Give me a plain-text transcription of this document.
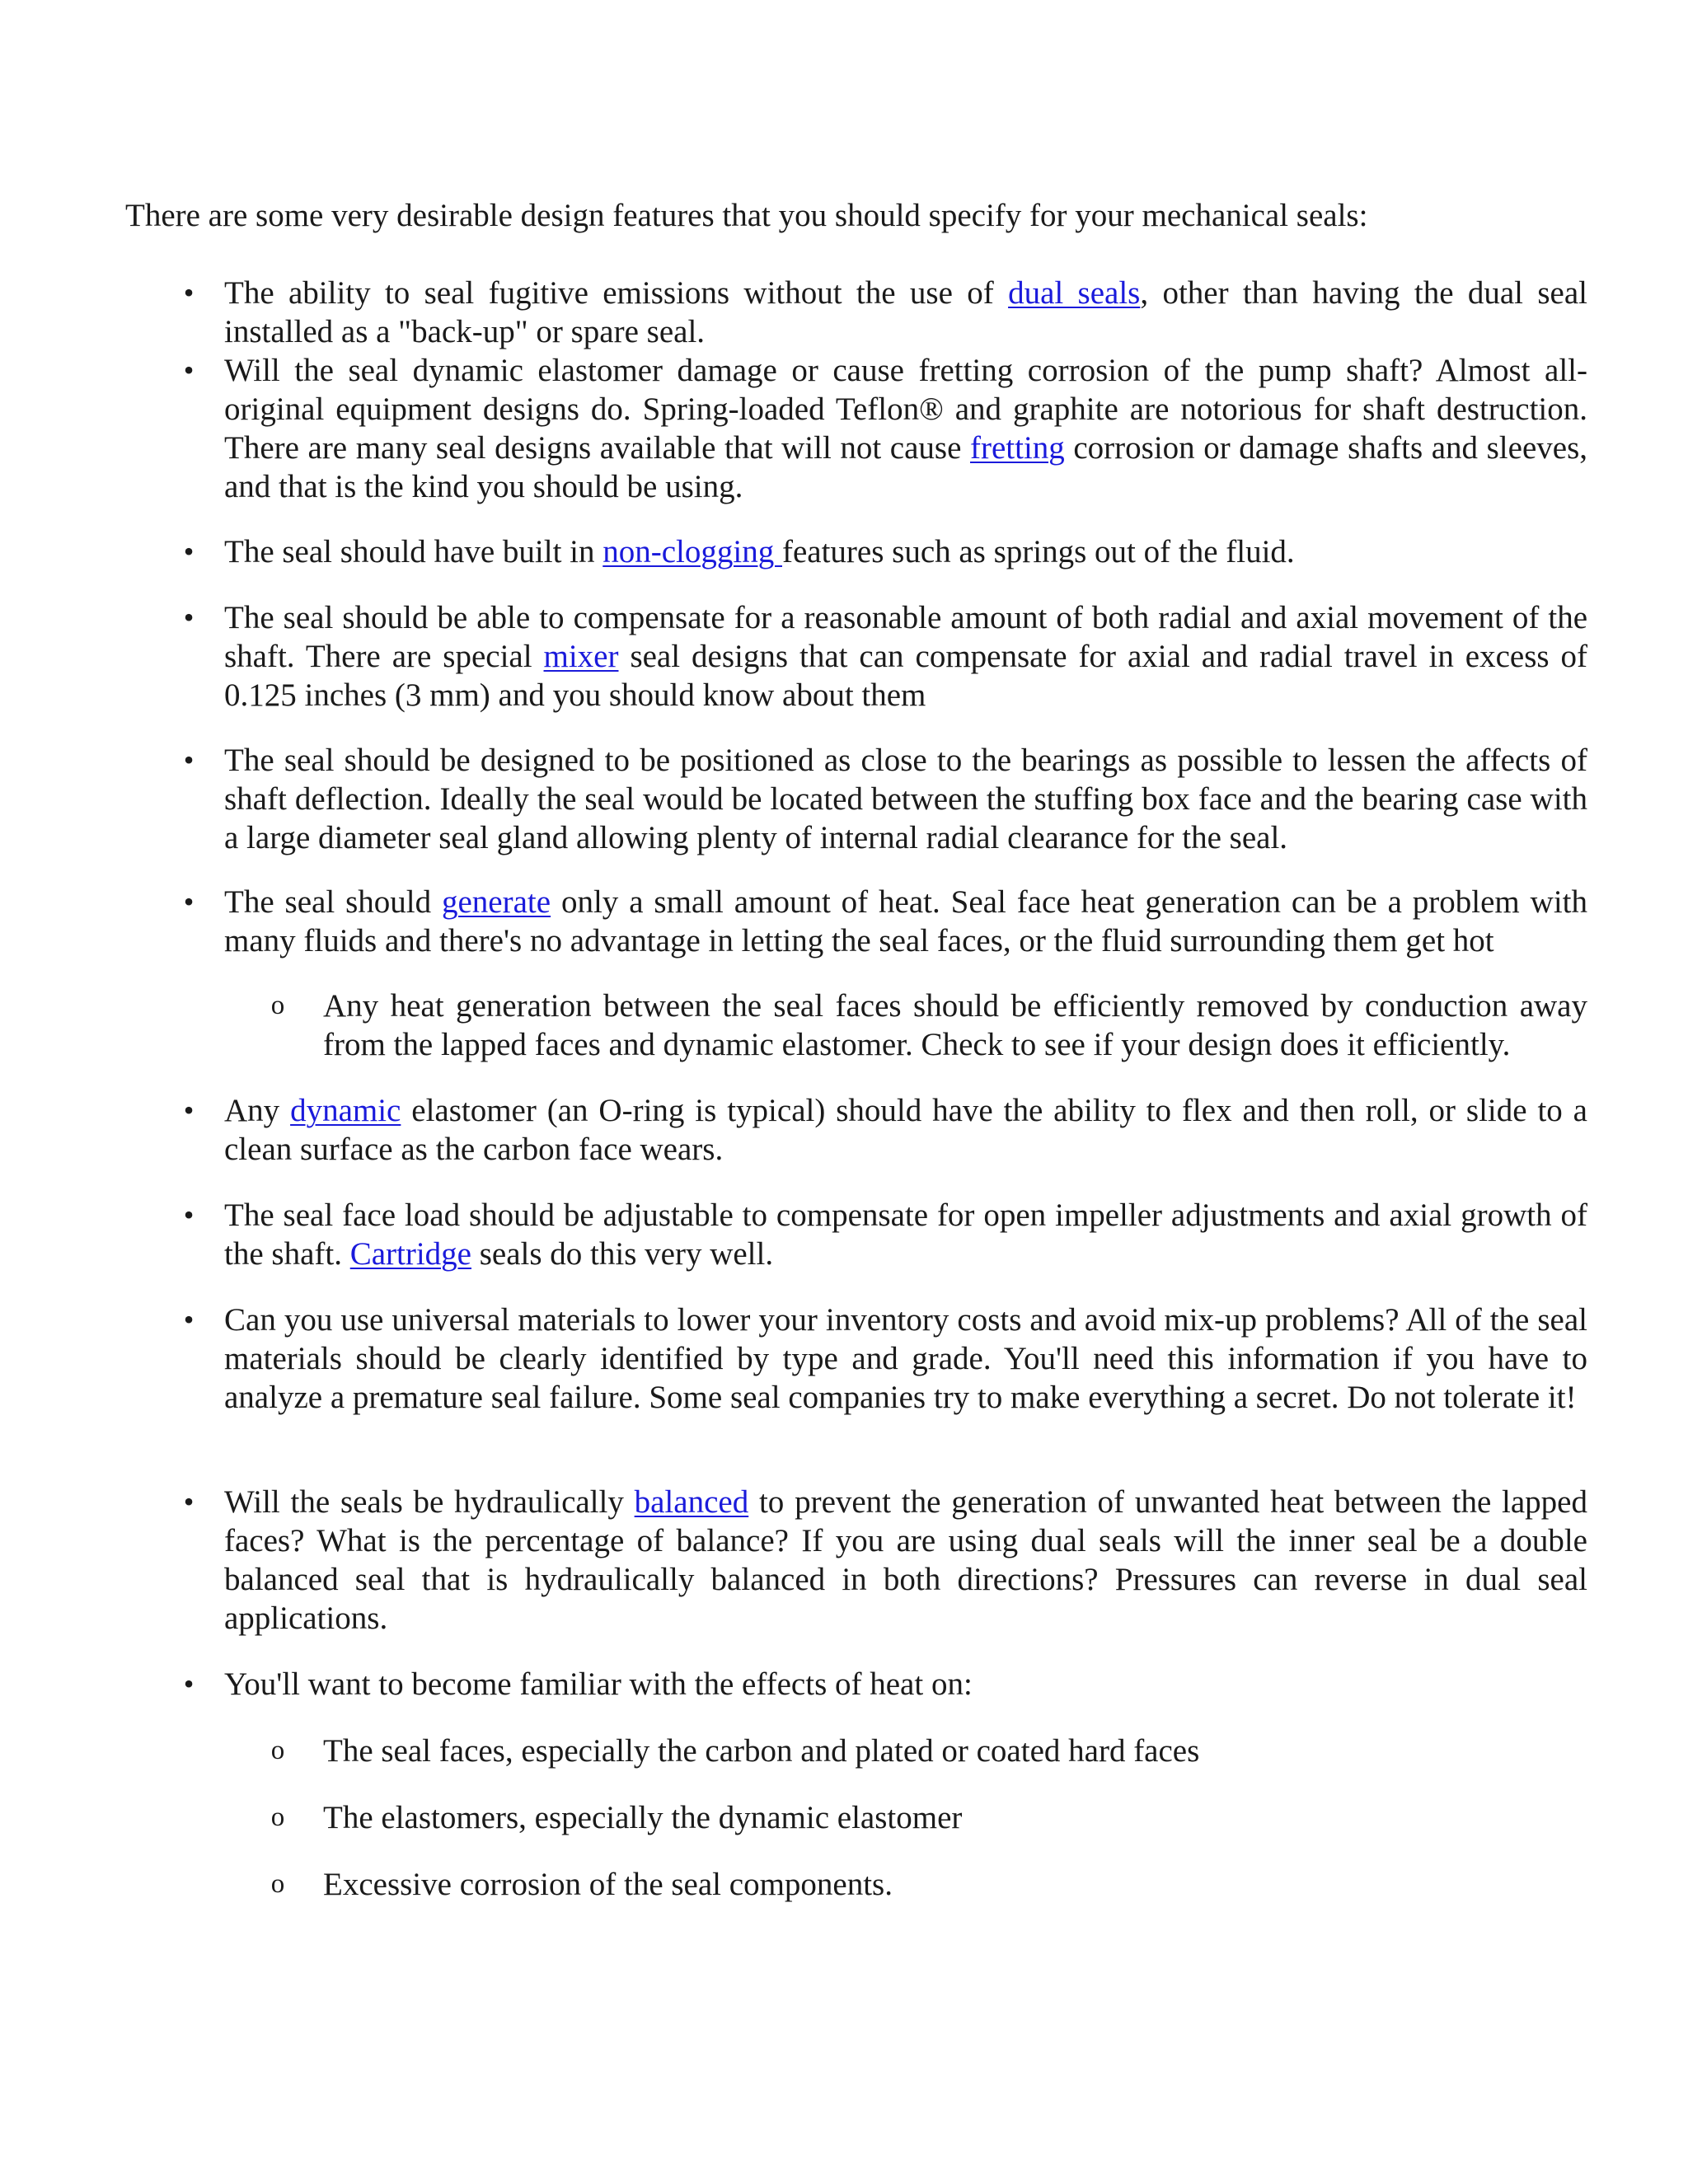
There are some very desirable design features that you should specify for your mechanical seals:

• The ability to seal fugitive emissions without the use of dual seals, other than having the dual seal installed as a "back-up" or spare seal.
• Will the seal dynamic elastomer damage or cause fretting corrosion of the pump shaft? Almost all-original equipment designs do. Spring-loaded Teflon® and graphite are notorious for shaft destruction. There are many seal designs available that will not cause fretting corrosion or damage shafts and sleeves, and that is the kind you should be using.
• The seal should have built in non-clogging features such as springs out of the fluid.
• The seal should be able to compensate for a reasonable amount of both radial and axial movement of the shaft. There are special mixer seal designs that can compensate for axial and radial travel in excess of 0.125 inches (3 mm) and you should know about them
• The seal should be designed to be positioned as close to the bearings as possible to lessen the affects of shaft deflection. Ideally the seal would be located between the stuffing box face and the bearing case with a large diameter seal gland allowing plenty of internal radial clearance for the seal.
• The seal should generate only a small amount of heat. Seal face heat generation can be a problem with many fluids and there's no advantage in letting the seal faces, or the fluid surrounding them get hot
o Any heat generation between the seal faces should be efficiently removed by conduction away from the lapped faces and dynamic elastomer. Check to see if your design does it efficiently.
• Any dynamic elastomer (an O-ring is typical) should have the ability to flex and then roll, or slide to a clean surface as the carbon face wears.
• The seal face load should be adjustable to compensate for open impeller adjustments and axial growth of the shaft. Cartridge seals do this very well.
• Can you use universal materials to lower your inventory costs and avoid mix-up problems? All of the seal materials should be clearly identified by type and grade. You'll need this information if you have to analyze a premature seal failure. Some seal companies try to make everything a secret. Do not tolerate it!
• Will the seals be hydraulically balanced to prevent the generation of unwanted heat between the lapped faces? What is the percentage of balance? If you are using dual seals will the inner seal be a double balanced seal that is hydraulically balanced in both directions? Pressures can reverse in dual seal applications.
• You'll want to become familiar with the effects of heat on:
o The seal faces, especially the carbon and plated or coated hard faces
o The elastomers, especially the dynamic elastomer
o Excessive corrosion of the seal components.
